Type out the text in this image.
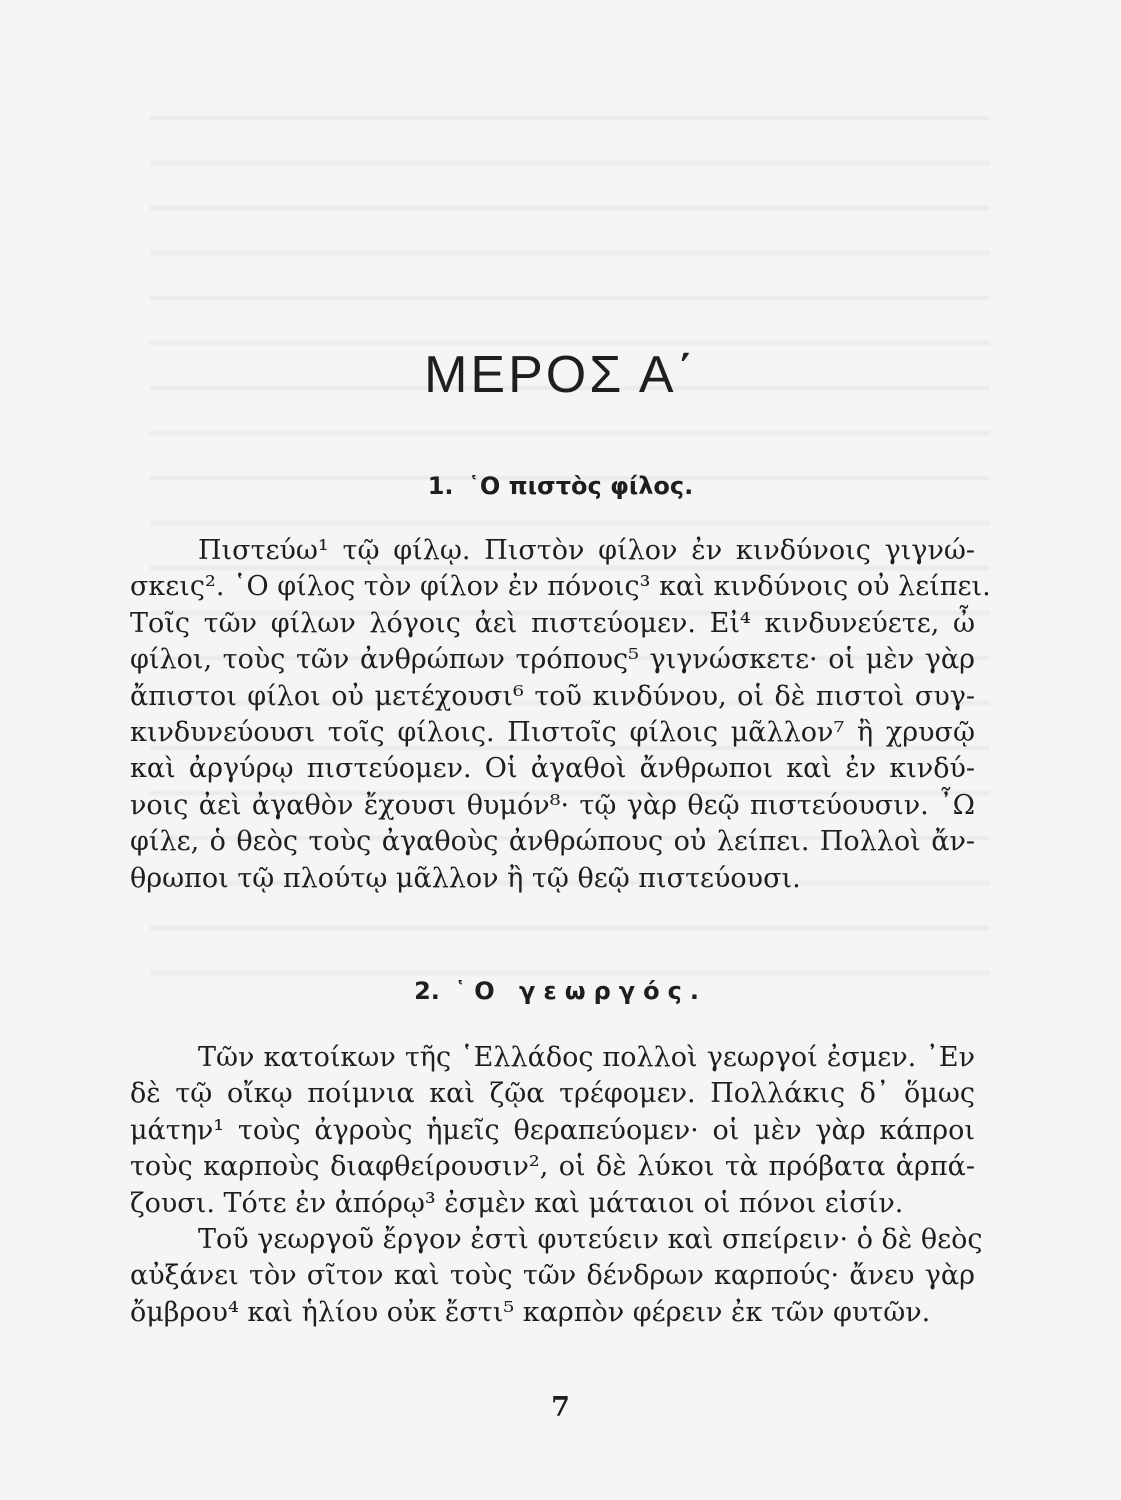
ΜΕΡΟΣ Α΄
1. ῾Ο πιστὸς φίλος.
Πιστεύω¹ τῷ φίλῳ. Πιστὸν φίλον ἐν κινδύνοις γιγνώ-
σκεις². ῾Ο φίλος τὸν φίλον ἐν πόνοις³ καὶ κινδύνοις οὐ λείπει.
Τοῖς τῶν φίλων λόγοις ἀεὶ πιστεύομεν. Εἰ⁴ κινδυνεύετε, ὦ
φίλοι, τοὺς τῶν ἀνθρώπων τρόπους⁵ γιγνώσκετε· οἱ μὲν γὰρ
ἄπιστοι φίλοι οὐ μετέχουσι⁶ τοῦ κινδύνου, οἱ δὲ πιστοὶ συγ-
κινδυνεύουσι τοῖς φίλοις. Πιστοῖς φίλοις μᾶλλον⁷ ἢ χρυσῷ
καὶ ἀργύρῳ πιστεύομεν. Οἱ ἀγαθοὶ ἄνθρωποι καὶ ἐν κινδύ-
νοις ἀεὶ ἀγαθὸν ἔχουσι θυμόν⁸· τῷ γὰρ θεῷ πιστεύουσιν. ῏Ω
φίλε, ὁ θεὸς τοὺς ἀγαθοὺς ἀνθρώπους οὐ λείπει. Πολλοὶ ἄν-
θρωποι τῷ πλούτῳ μᾶλλον ἢ τῷ θεῷ πιστεύουσι.
2. ῾Ο γεωργός.
Τῶν κατοίκων τῆς ῾Ελλάδος πολλοὶ γεωργοί ἐσμεν. ᾿Εν
δὲ τῷ οἴκῳ ποίμνια καὶ ζῷα τρέφομεν. Πολλάκις δ᾿ ὅμως
μάτην¹ τοὺς ἀγροὺς ἡμεῖς θεραπεύομεν· οἱ μὲν γὰρ κάπροι
τοὺς καρποὺς διαφθείρουσιν², οἱ δὲ λύκοι τὰ πρόβατα ἁρπά-
ζουσι. Τότε ἐν ἀπόρῳ³ ἐσμὲν καὶ μάταιοι οἱ πόνοι εἰσίν.
Τοῦ γεωργοῦ ἔργον ἐστὶ φυτεύειν καὶ σπείρειν· ὁ δὲ θεὸς
αὐξάνει τὸν σῖτον καὶ τοὺς τῶν δένδρων καρπούς· ἄνευ γὰρ
ὄμβρου⁴ καὶ ἡλίου οὐκ ἔστι⁵ καρπὸν φέρειν ἐκ τῶν φυτῶν.
7
